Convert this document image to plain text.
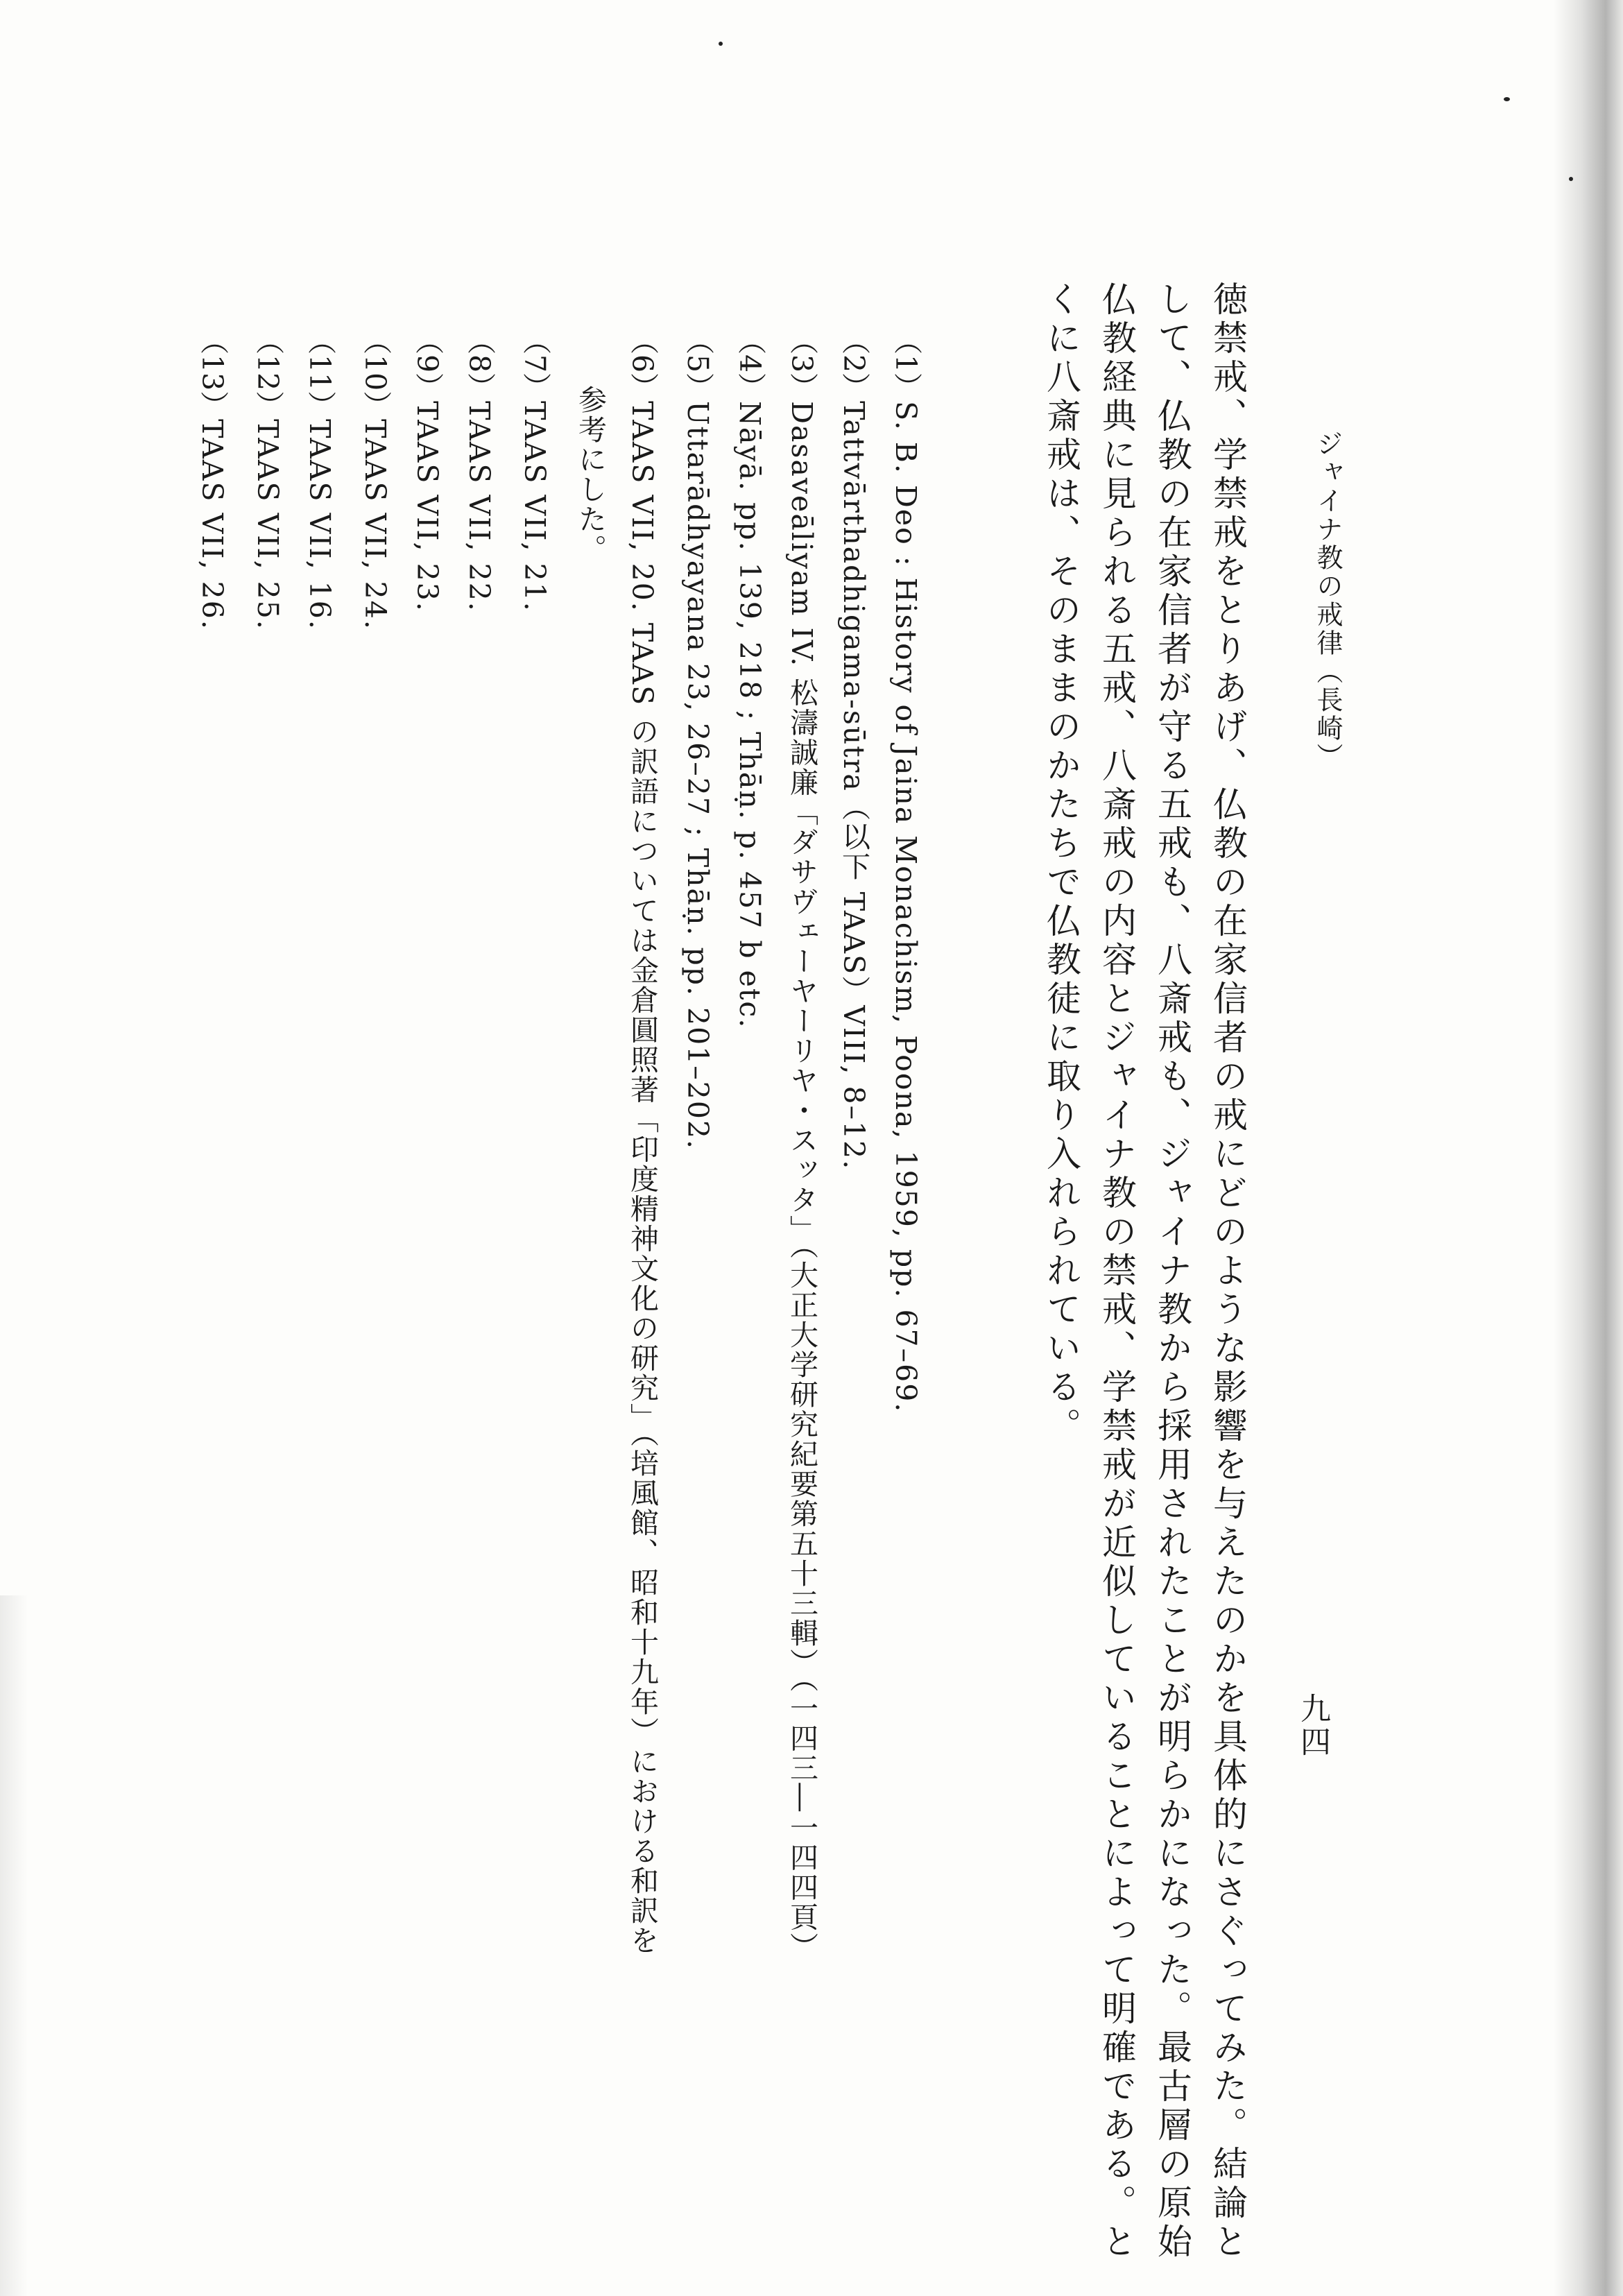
ジャイナ教の戒律（長崎）
九四
徳禁戒、学禁戒をとりあげ、仏教の在家信者の戒にどのような影響を与えたのかを具体的にさぐってみた。結論と
して、仏教の在家信者が守る五戒も、八斎戒も、ジャイナ教から採用されたことが明らかになった。最古層の原始
仏教経典に見られる五戒、八斎戒の内容とジャイナ教の禁戒、学禁戒が近似していることによって明確である。と
くに八斎戒は、そのままのかたちで仏教徒に取り入れられている。
（1）S. B. Deo : History of Jaina Monachism, Poona, 1959, pp. 67–69.
（2）Tattvārthadhigama-sūtra（以下 TAAS）VIII, 8–12.
（3）Dasaveāliyam IV. 松濤誠廉「ダサヴェーヤーリヤ・スッタ」（大正大学研究紀要第五十三輯）（一四三―一四四頁）
（4）Nāyā. pp. 139, 218 ; Thāṇ. p. 457 b etc.
（5）Uttarādhyayana 23, 26–27 ; Thāṇ. pp. 201–202.
（6）TAAS VII, 20. TAAS の訳語については金倉圓照著「印度精神文化の研究」（培風館、昭和十九年）における和訳を
参考にした。
（7）TAAS VII, 21.
（8）TAAS VII, 22.
（9）TAAS VII, 23.
（10）TAAS VII, 24.
（11）TAAS VII, 16.
（12）TAAS VII, 25.
（13）TAAS VII, 26.
